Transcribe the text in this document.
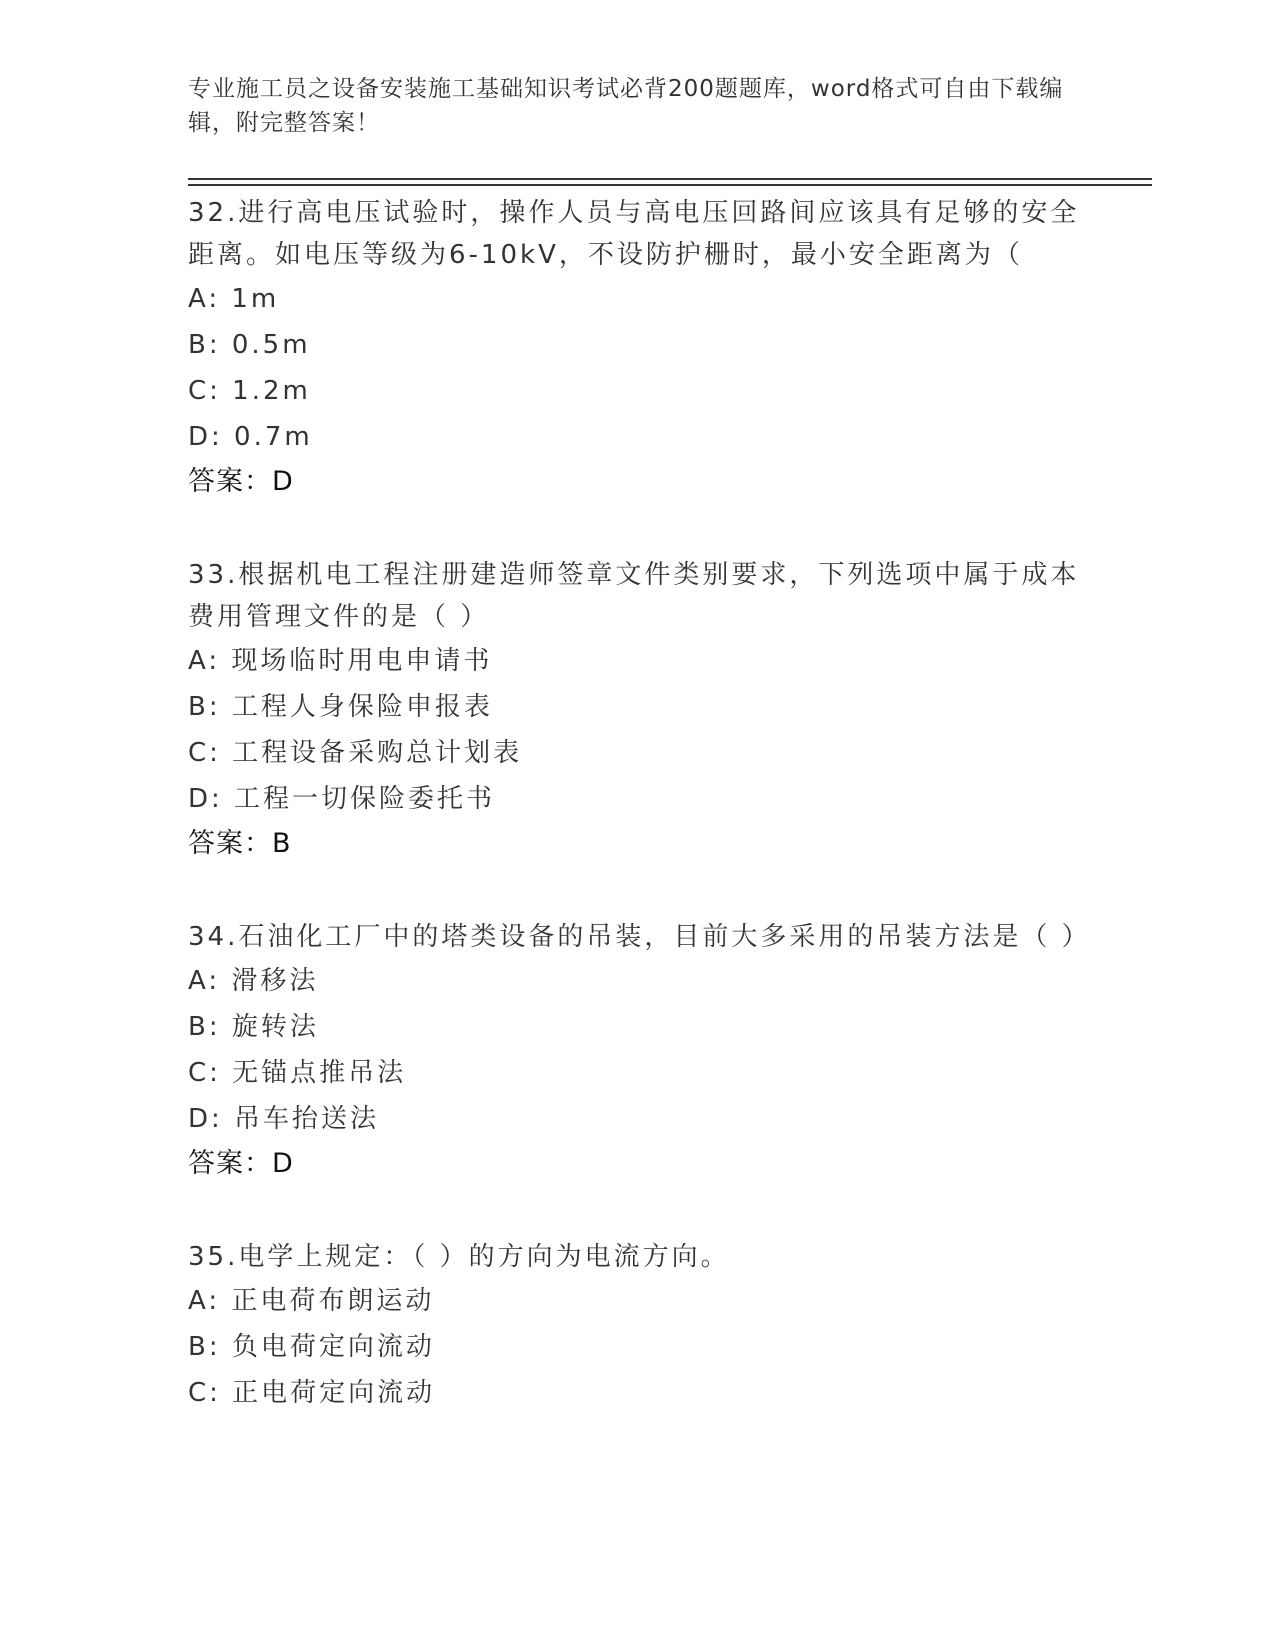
专业施工员之设备安装施工基础知识考试必背200题题库，word格式可自由下载编辑，附完整答案！
32.进行高电压试验时，操作人员与高电压回路间应该具有足够的安全距离。如电压等级为6-10kV，不设防护栅时，最小安全距离为（
A: 1m
B: 0.5m
C: 1.2m
D: 0.7m
答案：D
33.根据机电工程注册建造师签章文件类别要求，下列选项中属于成本费用管理文件的是（ ）
A: 现场临时用电申请书
B: 工程人身保险申报表
C: 工程设备采购总计划表
D: 工程一切保险委托书
答案：B
34.石油化工厂中的塔类设备的吊装，目前大多采用的吊装方法是（ ）
A: 滑移法
B: 旋转法
C: 无锚点推吊法
D: 吊车抬送法
答案：D
35.电学上规定：（ ）的方向为电流方向。
A: 正电荷布朗运动
B: 负电荷定向流动
C: 正电荷定向流动
